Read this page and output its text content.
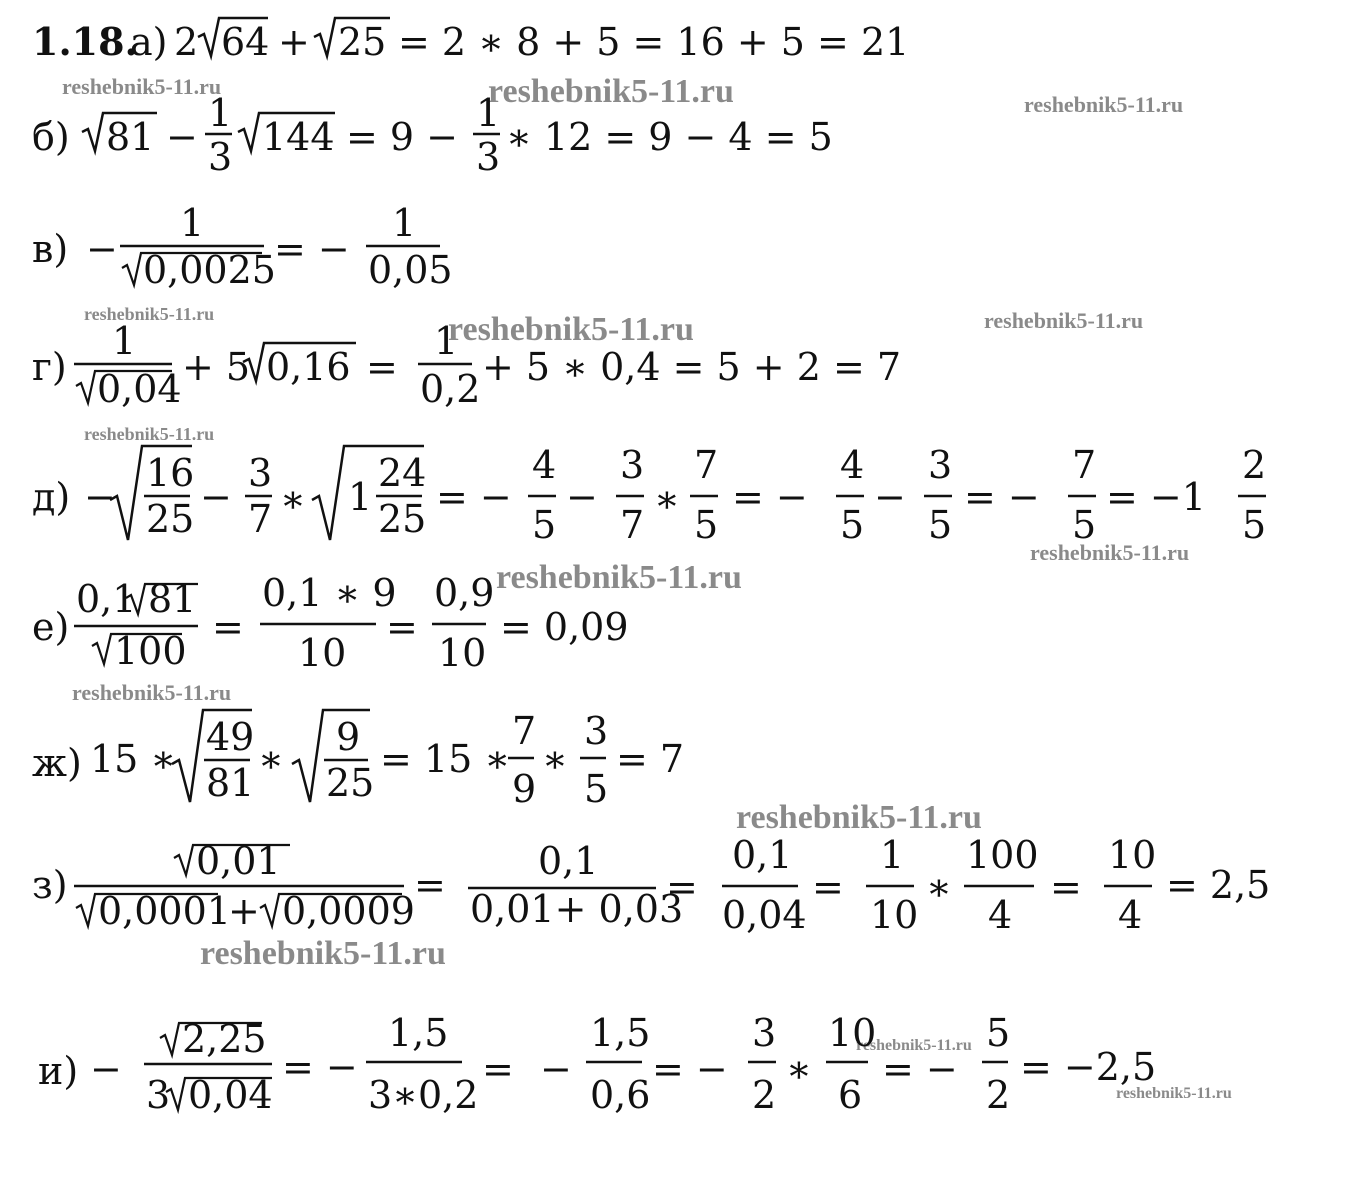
reshebnik5-11.ru	reshebnik5-11.ru	reshebnik5-11.ru
reshebnik5-11.ru	reshebnik5-11.ru	reshebnik5-11.ru
reshebnik5-11.ru
reshebnik5-11.ru
reshebnik5-11.ru
reshebnik5-11.ru
reshebnik5-11.ru
reshebnik5-11.ru
reshebnik5-11.ru
reshebnik5-11.ru
1.18.
а) 2 64 + 25 = 2 ∗ 8 + 5 = 16 + 5 = 21
б) 81 −
1
3 144 = 9 −
1
3 ∗ 12 = 9 − 4 = 5
в) −
1
0,0025
= −
1
0,05
г)
1
0,04 + 5 0,16 =
1
0,2 + 5 ∗ 0,4 = 5 + 2 = 7
д) −
16
25 −
3
7 ∗ 1
24
25 = −
4
5
−
3
7
∗
7
5
= −
4
5
−
3
5
= −
7
5
= −1
2
5
е)
0,1 81
100
=
0,1 ∗ 9
10
=
0,9
10
= 0,09
ж) 15 ∗ 49
81
∗ 9
25
= 15 ∗
7
9
∗
3
5
= 7
з)
0,01
0,0001
+ 0,0009
=
0,1
0,01+ 0,03
=
0,1
0,04
=
1
10
∗
100
4
=
10
4
= 2,5
и) −
2,25
3 0,04
= −
1,5
3∗0,2
= −
1,5
0,6
= −
3
2
∗
10
6
= −
5
2
= −2,5
